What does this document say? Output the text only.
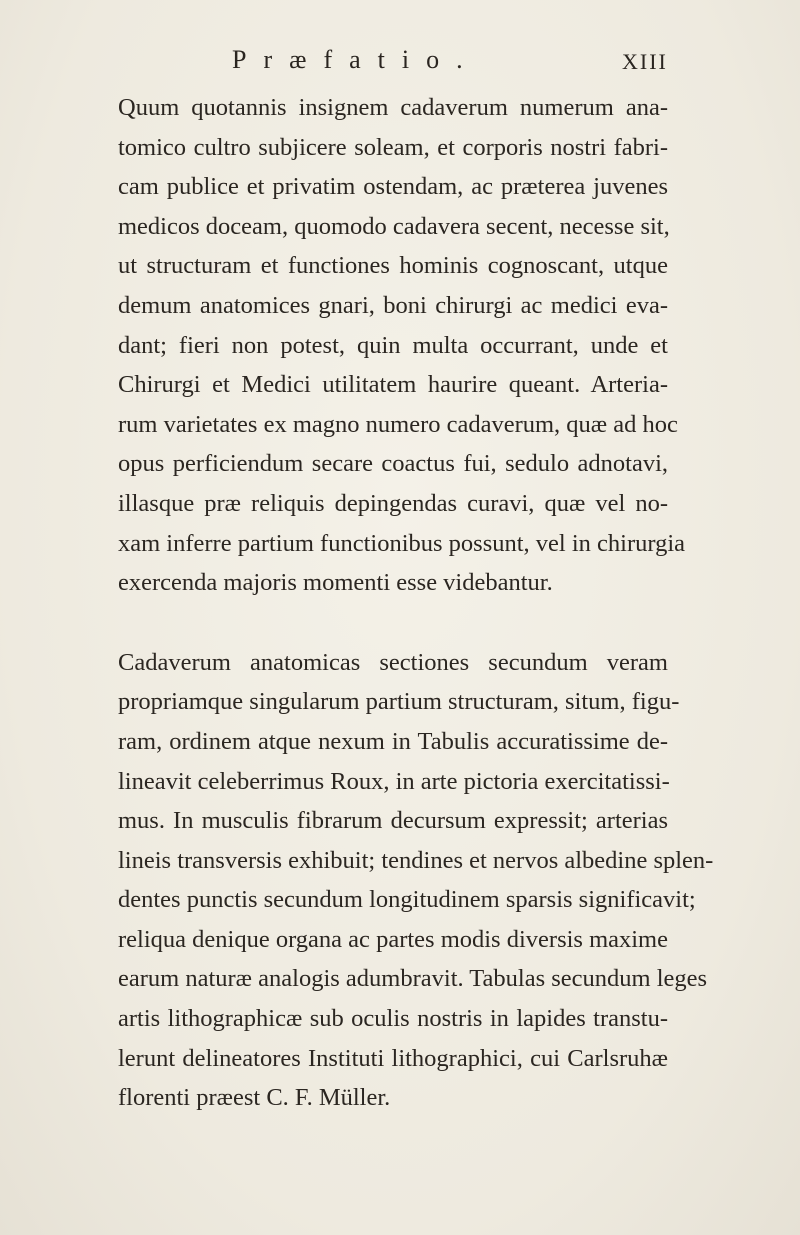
Præfatio.	XIII
Quum quotannis insignem cadaverum numerum ana-
tomico cultro subjicere soleam, et corporis nostri fabri-
cam publice et privatim ostendam, ac præterea juvenes
medicos doceam, quomodo cadavera secent, necesse sit,
ut structuram et functiones hominis cognoscant, utque
demum anatomices gnari, boni chirurgi ac medici eva-
dant; fieri non potest, quin multa occurrant, unde et
Chirurgi et Medici utilitatem haurire queant. Arteria-
rum varietates ex magno numero cadaverum, quæ ad hoc
opus perficiendum secare coactus fui, sedulo adnotavi,
illasque præ reliquis depingendas curavi, quæ vel no-
xam inferre partium functionibus possunt, vel in chirurgia
exercenda majoris momenti esse videbantur.
Cadaverum anatomicas sectiones secundum veram
propriamque singularum partium structuram, situm, figu-
ram, ordinem atque nexum in Tabulis accuratissime de-
lineavit celeberrimus Roux, in arte pictoria exercitatissi-
mus. In musculis fibrarum decursum expressit; arterias
lineis transversis exhibuit; tendines et nervos albedine splen-
dentes punctis secundum longitudinem sparsis significavit;
reliqua denique organa ac partes modis diversis maxime
earum naturæ analogis adumbravit. Tabulas secundum leges
artis lithographicæ sub oculis nostris in lapides transtu-
lerunt delineatores Instituti lithographici, cui Carlsruhæ
florenti præest C. F. Müller.
